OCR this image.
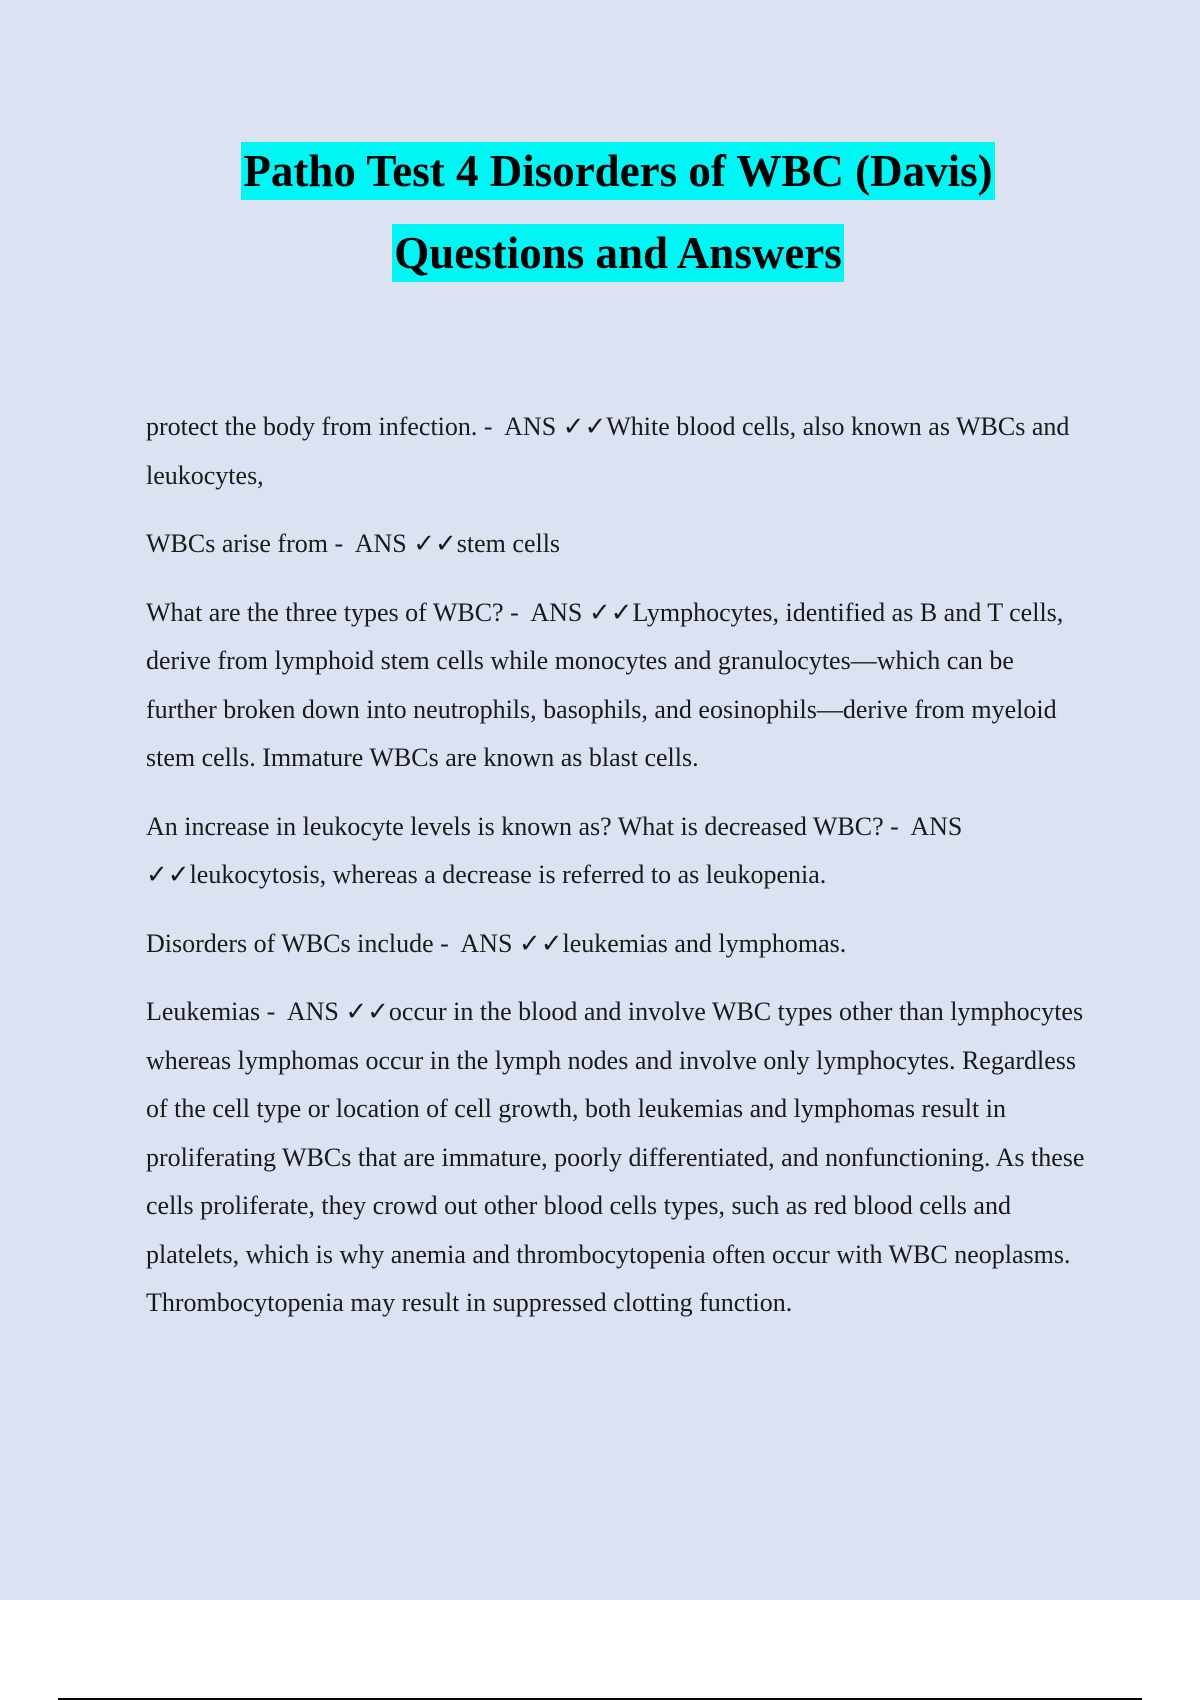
Patho Test 4 Disorders of WBC (Davis)
Questions and Answers

protect the body from infection. -  ANS ✓✓White blood cells, also known as WBCs and leukocytes,

WBCs arise from -  ANS ✓✓stem cells

What are the three types of WBC? -  ANS ✓✓Lymphocytes, identified as B and T cells, derive from lymphoid stem cells while monocytes and granulocytes—which can be further broken down into neutrophils, basophils, and eosinophils—derive from myeloid stem cells. Immature WBCs are known as blast cells.

An increase in leukocyte levels is known as? What is decreased WBC? -  ANS ✓✓leukocytosis, whereas a decrease is referred to as leukopenia.

Disorders of WBCs include -  ANS ✓✓leukemias and lymphomas.

Leukemias -  ANS ✓✓occur in the blood and involve WBC types other than lymphocytes whereas lymphomas occur in the lymph nodes and involve only lymphocytes. Regardless of the cell type or location of cell growth, both leukemias and lymphomas result in proliferating WBCs that are immature, poorly differentiated, and nonfunctioning. As these cells proliferate, they crowd out other blood cells types, such as red blood cells and platelets, which is why anemia and thrombocytopenia often occur with WBC neoplasms. Thrombocytopenia may result in suppressed clotting function.
